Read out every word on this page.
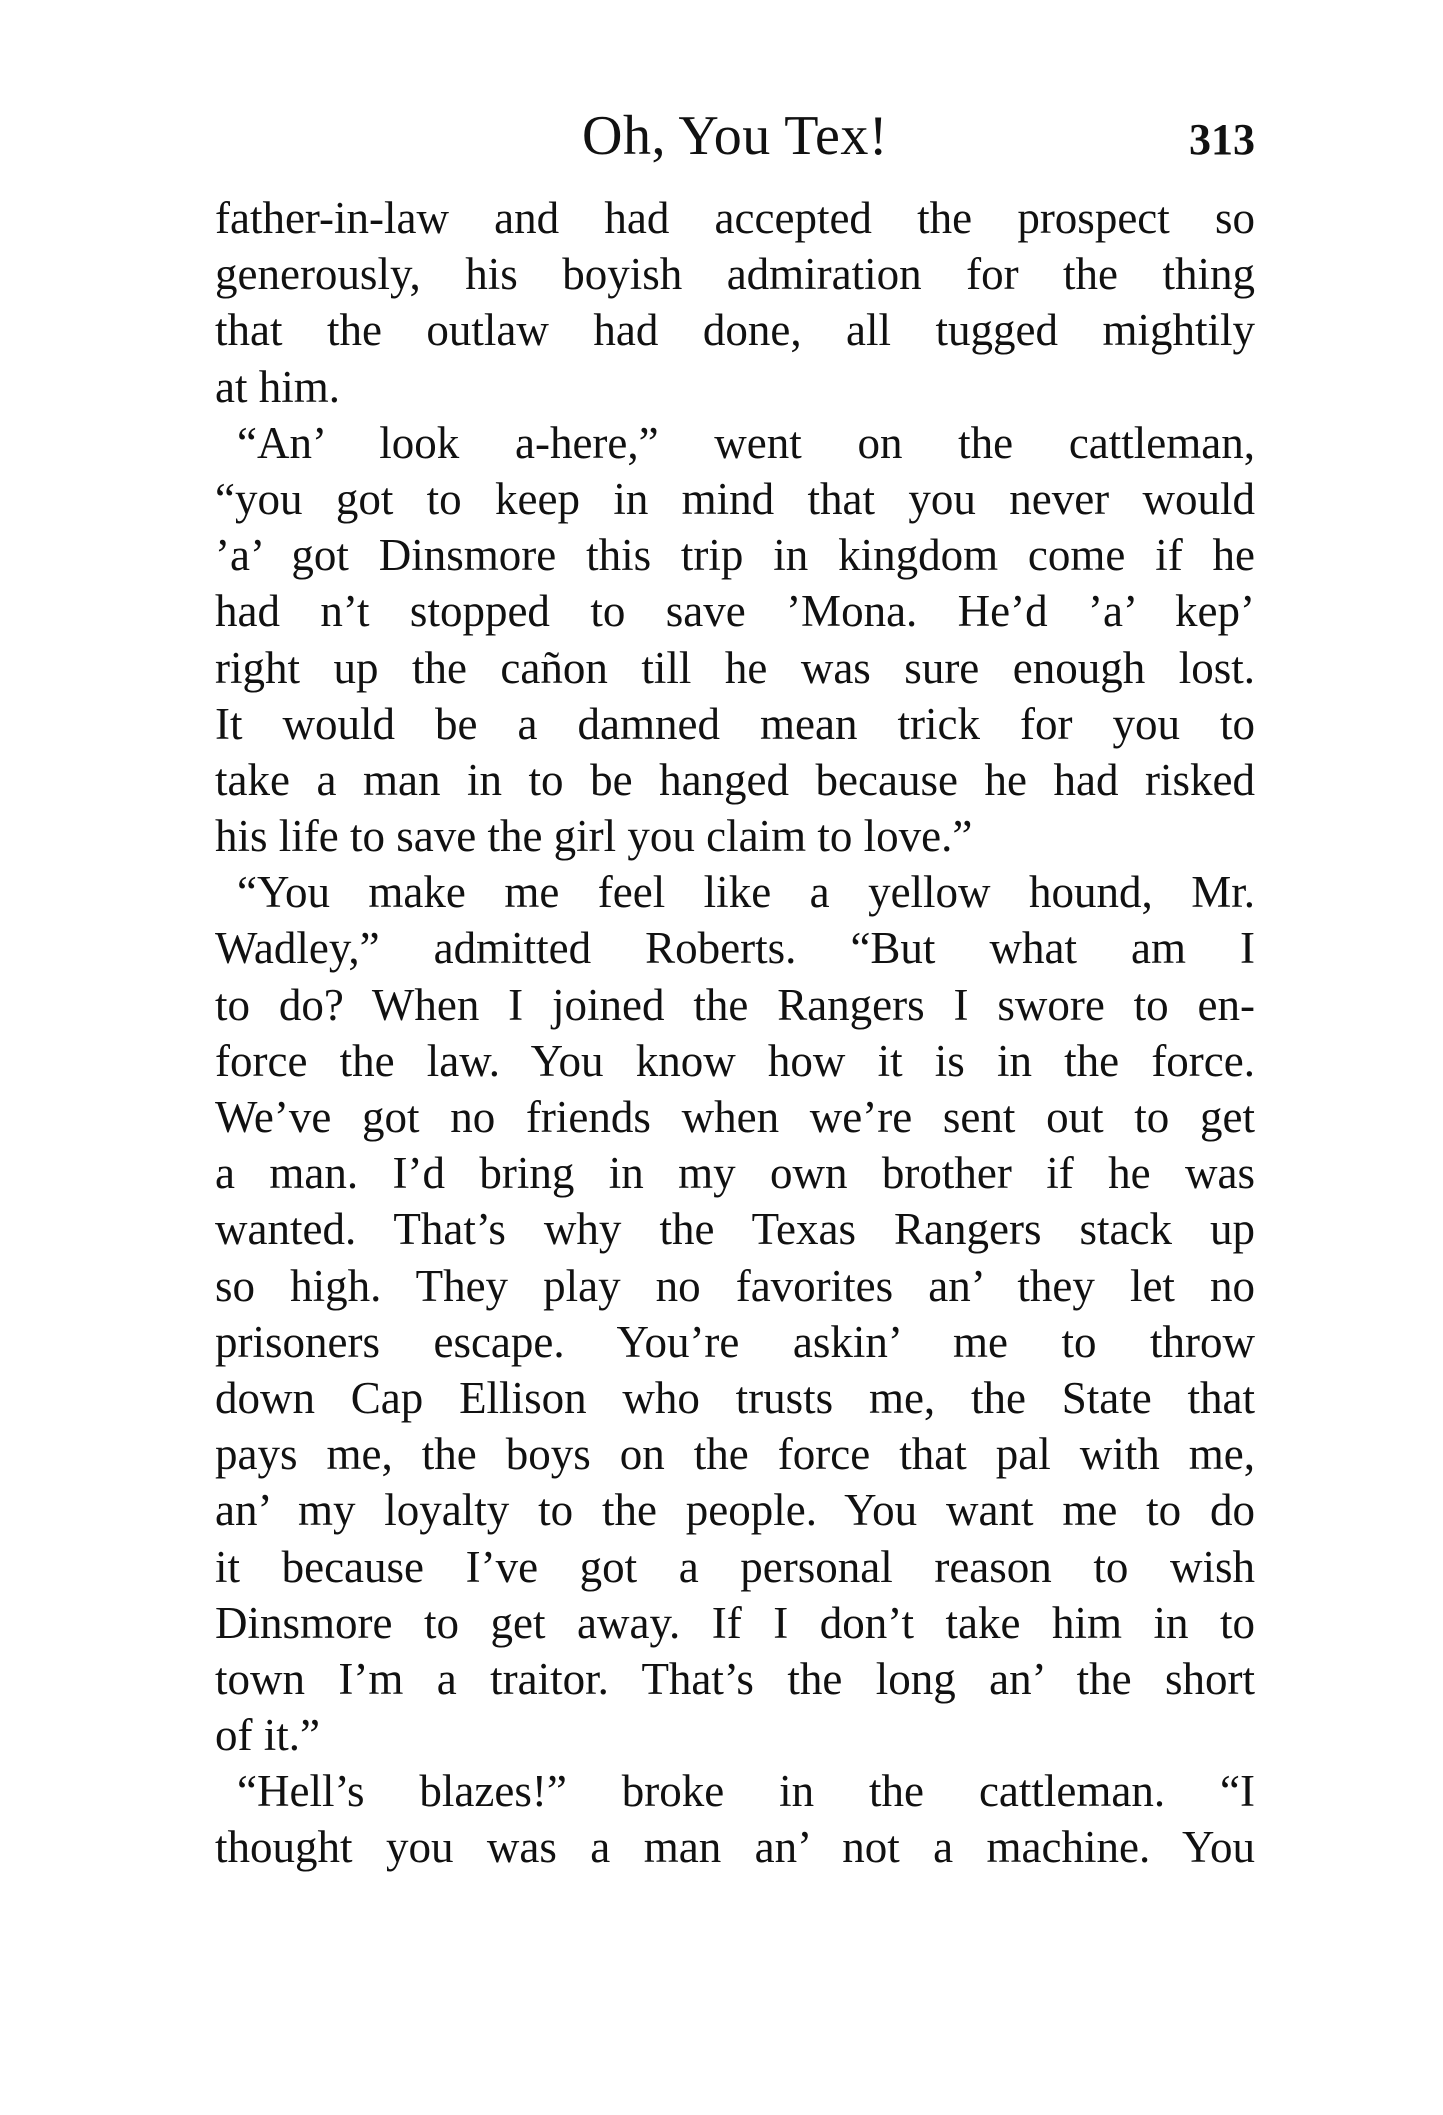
Oh, You Tex!	313
father-in-law and had accepted the prospect so
generously, his boyish admiration for the thing
that the outlaw had done, all tugged mightily
at him.
“An’ look a-here,” went on the cattleman,
“you got to keep in mind that you never would
’a’ got Dinsmore this trip in kingdom come if he
had n’t stopped to save ’Mona. He’d ’a’ kep’
right up the cañon till he was sure enough lost.
It would be a damned mean trick for you to
take a man in to be hanged because he had risked
his life to save the girl you claim to love.”
“You make me feel like a yellow hound, Mr.
Wadley,” admitted Roberts. “But what am I
to do? When I joined the Rangers I swore to en-
force the law. You know how it is in the force.
We’ve got no friends when we’re sent out to get
a man. I’d bring in my own brother if he was
wanted. That’s why the Texas Rangers stack up
so high. They play no favorites an’ they let no
prisoners escape. You’re askin’ me to throw
down Cap Ellison who trusts me, the State that
pays me, the boys on the force that pal with me,
an’ my loyalty to the people. You want me to do
it because I’ve got a personal reason to wish
Dinsmore to get away. If I don’t take him in to
town I’m a traitor. That’s the long an’ the short
of it.”
“Hell’s blazes!” broke in the cattleman. “I
thought you was a man an’ not a machine. You
